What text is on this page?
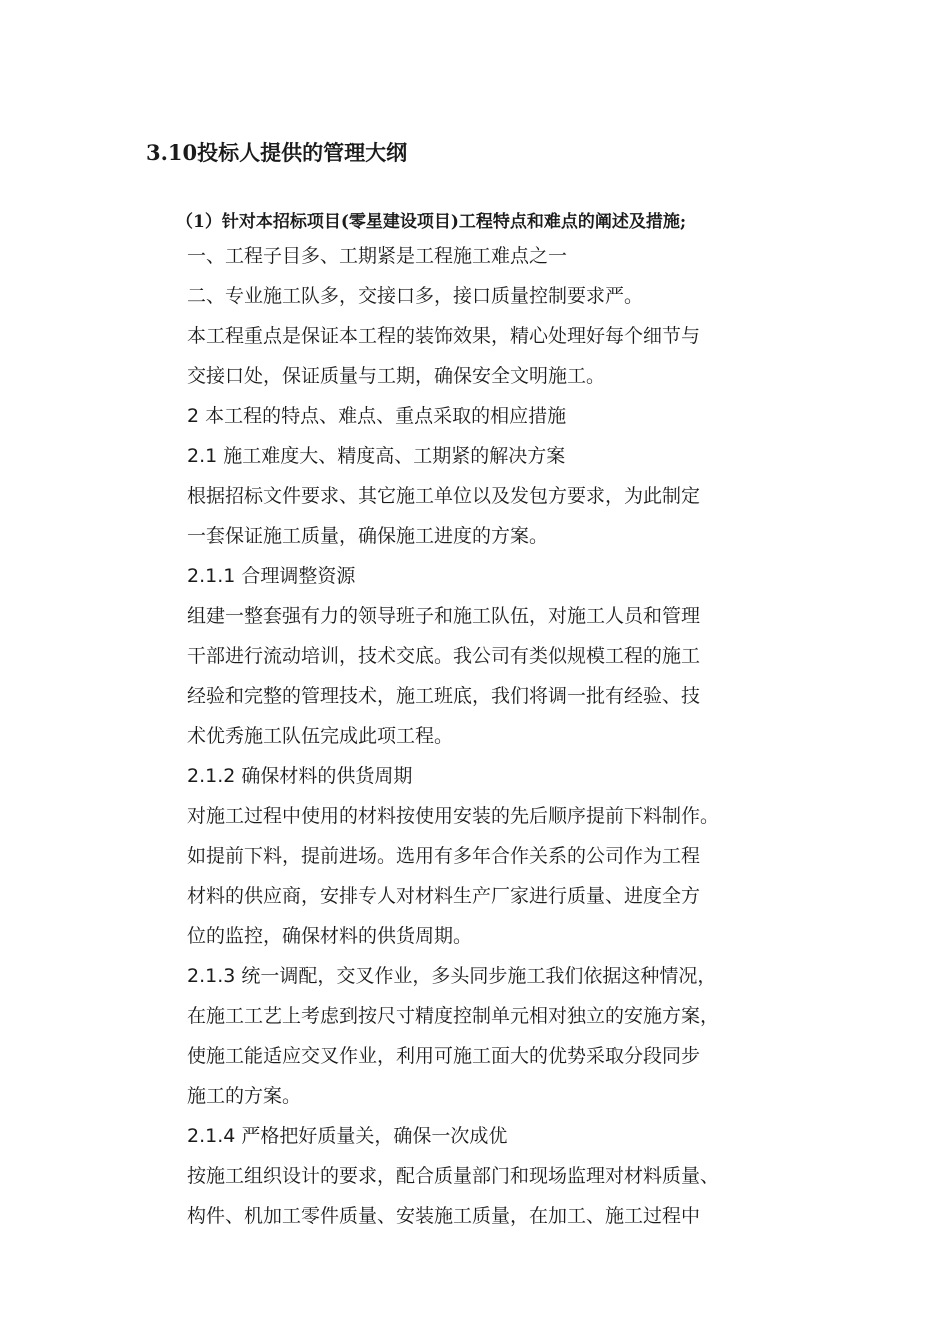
3.10投标人提供的管理大纲
（1）针对本招标项目(零星建设项目)工程特点和难点的阐述及措施;
一、工程子目多、工期紧是工程施工难点之一
二、专业施工队多，交接口多，接口质量控制要求严。
本工程重点是保证本工程的装饰效果，精心处理好每个细节与
交接口处，保证质量与工期，确保安全文明施工。
2 本工程的特点、难点、重点采取的相应措施
2.1 施工难度大、精度高、工期紧的解决方案
根据招标文件要求、其它施工单位以及发包方要求，为此制定
一套保证施工质量，确保施工进度的方案。
2.1.1 合理调整资源
组建一整套强有力的领导班子和施工队伍，对施工人员和管理
干部进行流动培训，技术交底。我公司有类似规模工程的施工
经验和完整的管理技术，施工班底，我们将调一批有经验、技
术优秀施工队伍完成此项工程。
2.1.2 确保材料的供货周期
对施工过程中使用的材料按使用安装的先后顺序提前下料制作。
如提前下料，提前进场。选用有多年合作关系的公司作为工程
材料的供应商，安排专人对材料生产厂家进行质量、进度全方
位的监控，确保材料的供货周期。
2.1.3 统一调配，交叉作业，多头同步施工我们依据这种情况，
在施工工艺上考虑到按尺寸精度控制单元相对独立的安施方案，
使施工能适应交叉作业，利用可施工面大的优势采取分段同步
施工的方案。
2.1.4 严格把好质量关，确保一次成优
按施工组织设计的要求，配合质量部门和现场监理对材料质量、
构件、机加工零件质量、安装施工质量，在加工、施工过程中
